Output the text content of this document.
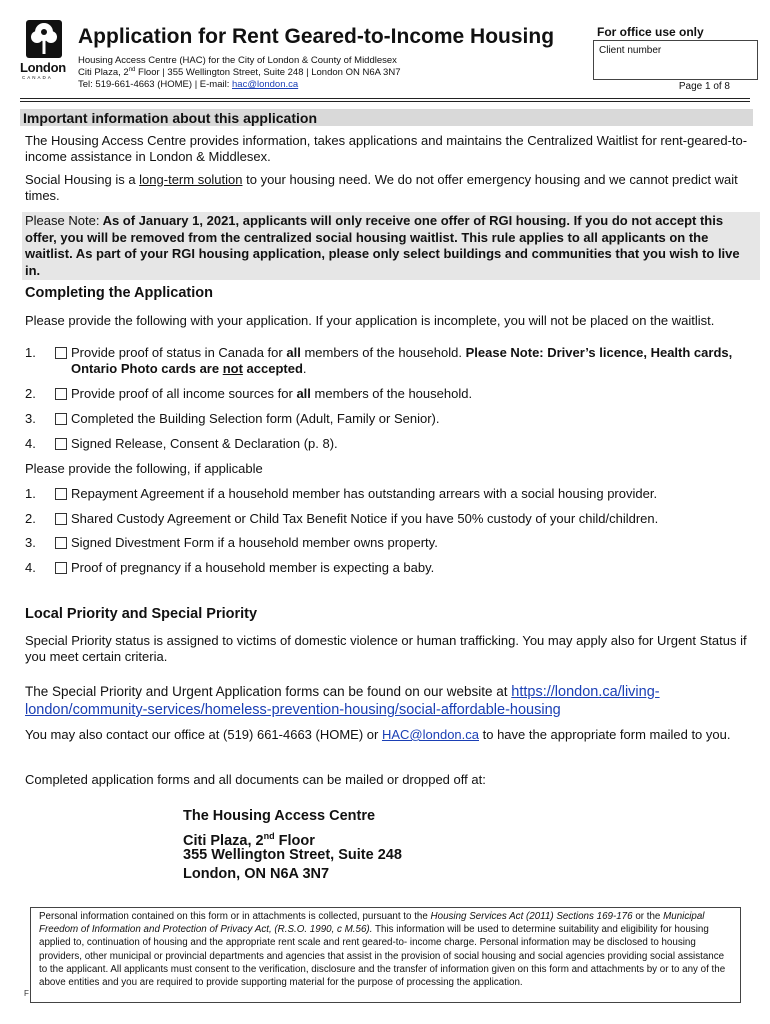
London
CANADA
Application for Rent Geared-to-Income Housing
Housing Access Centre (HAC) for the City of London & County of Middlesex
Citi Plaza, 2nd Floor | 355 Wellington Street, Suite 248 | London ON N6A 3N7
Tel: 519-661-4663 (HOME) | E-mail: hac@london.ca
For office use only
Client number
Page 1 of 8
Important information about this application
The Housing Access Centre provides information, takes applications and maintains the Centralized Waitlist for rent-geared-to-income assistance in London & Middlesex.
Social Housing is a long-term solution to your housing need. We do not offer emergency housing and we cannot predict wait times.
Please Note: As of January 1, 2021, applicants will only receive one offer of RGI housing. If you do not accept this offer, you will be removed from the centralized social housing waitlist. This rule applies to all applicants on the waitlist. As part of your RGI housing application, please only select buildings and communities that you wish to live in.
Completing the Application
Please provide the following with your application. If your application is incomplete, you will not be placed on the waitlist.
1.	Provide proof of status in Canada for all members of the household. Please Note: Driver’s licence, Health cards, Ontario Photo cards are not accepted.
2.	Provide proof of all income sources for all members of the household.
3.	Completed the Building Selection form (Adult, Family or Senior).
4.	Signed Release, Consent & Declaration (p. 8).
Please provide the following, if applicable
1.	Repayment Agreement if a household member has outstanding arrears with a social housing provider.
2.	Shared Custody Agreement or Child Tax Benefit Notice if you have 50% custody of your child/children.
3.	Signed Divestment Form if a household member owns property.
4.	Proof of pregnancy if a household member is expecting a baby.
Local Priority and Special Priority
Special Priority status is assigned to victims of domestic violence or human trafficking. You may apply also for Urgent Status if you meet certain criteria.
The Special Priority and Urgent Application forms can be found on our website at https://london.ca/living-london/community-services/homeless-prevention-housing/social-affordable-housing
You may also contact our office at (519) 661-4663 (HOME) or HAC@london.ca to have the appropriate form mailed to you.
Completed application forms and all documents can be mailed or dropped off at:
The Housing Access Centre
Citi Plaza, 2nd Floor
355 Wellington Street, Suite 248
London, ON N6A 3N7
Personal information contained on this form or in attachments is collected, pursuant to the Housing Services Act (2011) Sections 169-176 or the Municipal Freedom of Information and Protection of Privacy Act, (R.S.O. 1990, c M.56). This information will be used to determine suitability and eligibility for housing applied to, continuation of housing and the appropriate rent scale and rent geared-to- income charge. Personal information may be disclosed to housing providers, other municipal or provincial departments and agencies that assist in the provision of social housing and social agencies providing social assistance to the applicant. All applicants must consent to the verification, disclosure and the transfer of information given on this form and attachments by or to any of the above entities and you are required to provide supporting material for the purpose of processing the application.
F
